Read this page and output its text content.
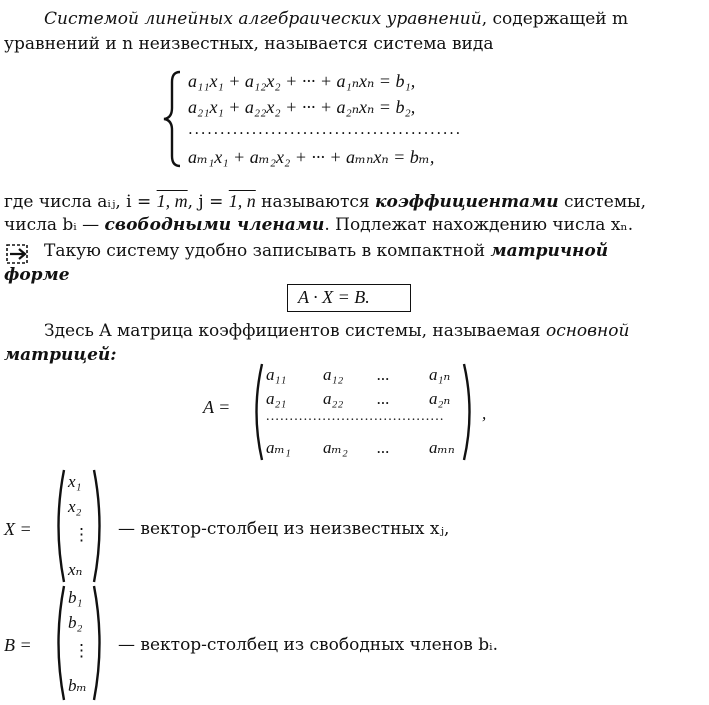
Системой линейных алгебраических уравнений, содержащей m
уравнений и n неизвестных, называется система вида
a₁₁x₁ + a₁₂x₂ + ··· + a₁ₙxₙ = b₁,
a₂₁x₁ + a₂₂x₂ + ··· + a₂ₙxₙ = b₂,
...........................................
aₘ₁x₁ + aₘ₂x₂ + ··· + aₘₙxₙ = bₘ,
где числа aᵢⱼ, i = 1, m, j = 1, n называются коэффициентами системы,
числа bᵢ — свободными членами. Подлежат нахождению числа xₙ.
Такую систему удобно записывать в компактной матричной
форме
A · X = B.
Здесь A матрица коэффициентов системы, называемая основной
матрицей:
A =
a₁₁ a₁₂ ... a₁ₙ
a₂₁ a₂₂ ... a₂ₙ
......................................
aₘ₁ aₘ₂ ... aₘₙ
,
X =
x₁
x₂
⋮
xₙ
— вектор-столбец из неизвестных xⱼ,
B =
b₁
b₂
⋮
bₘ
— вектор-столбец из свободных членов bᵢ.
